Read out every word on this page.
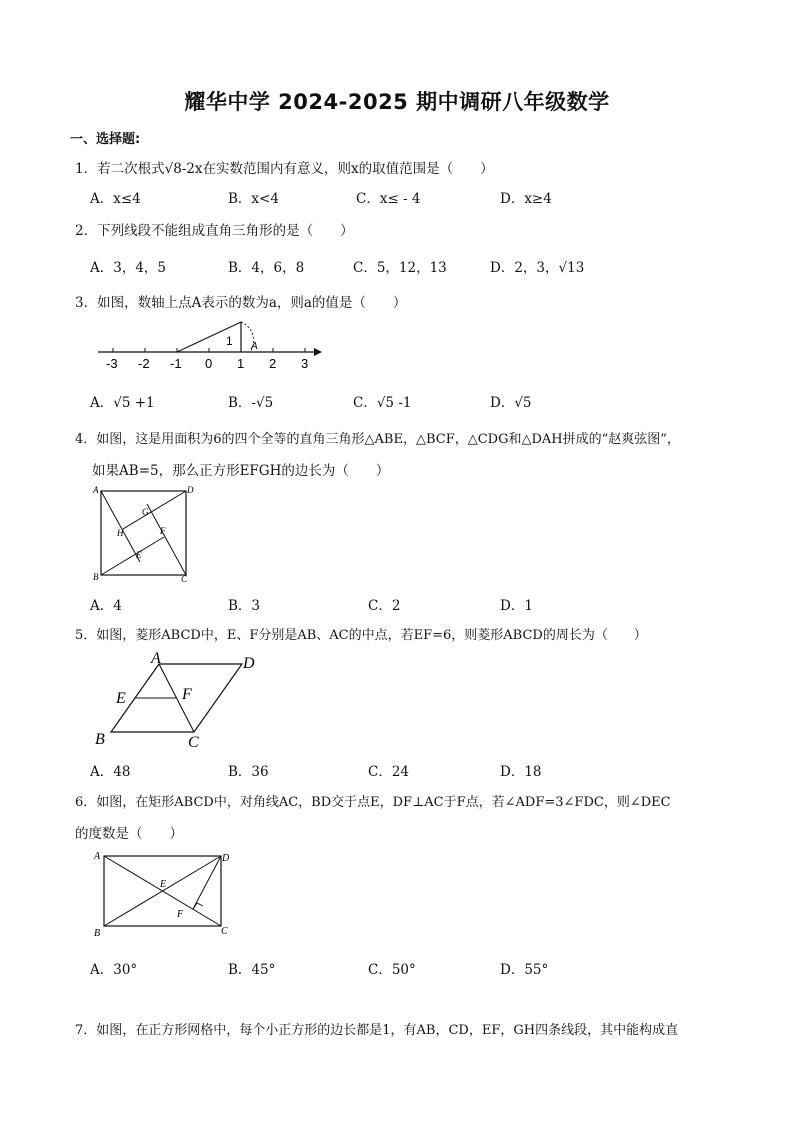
耀华中学 2024-2025 期中调研八年级数学
一、选择题:
1．若二次根式√8-2x在实数范围内有意义，则x的取值范围是（　　）
A．x≤4	B．x<4	C．x≤ - 4	D．x≥4
2．下列线段不能组成直角三角形的是（　　）
A．3，4，5	B．4，6，8	C．5，12，13	D．2，3，√13
3．如图，数轴上点A表示的数为a，则a的值是（　　）
1 A
-3 -2 -1 0 1 2 3
A．√5 +1	B．-√5	C．√5 -1	D．√5
4．如图，这是用面积为6的四个全等的直角三角形△ABE，△BCF，△CDG和△DAH拼成的“赵爽弦图”，
如果AB=5，那么正方形EFGH的边长为（　　）
A	D
B	C
G
H	F
E
A．4	B．3	C．2	D．1
5．如图，菱形ABCD中，E、F分别是AB、AC的中点，若EF=6，则菱形ABCD的周长为（　　）
A	D
E	F
B	C
A．48	B．36	C．24	D．18
6．如图，在矩形ABCD中，对角线AC，BD交于点E，DF⊥AC于F点，若∠ADF=3∠FDC，则∠DEC
的度数是（　　）
A	D
B	C
E
F
A．30°	B．45°	C．50°	D．55°
7．如图，在正方形网格中，每个小正方形的边长都是1，有AB，CD，EF，GH四条线段，其中能构成直
